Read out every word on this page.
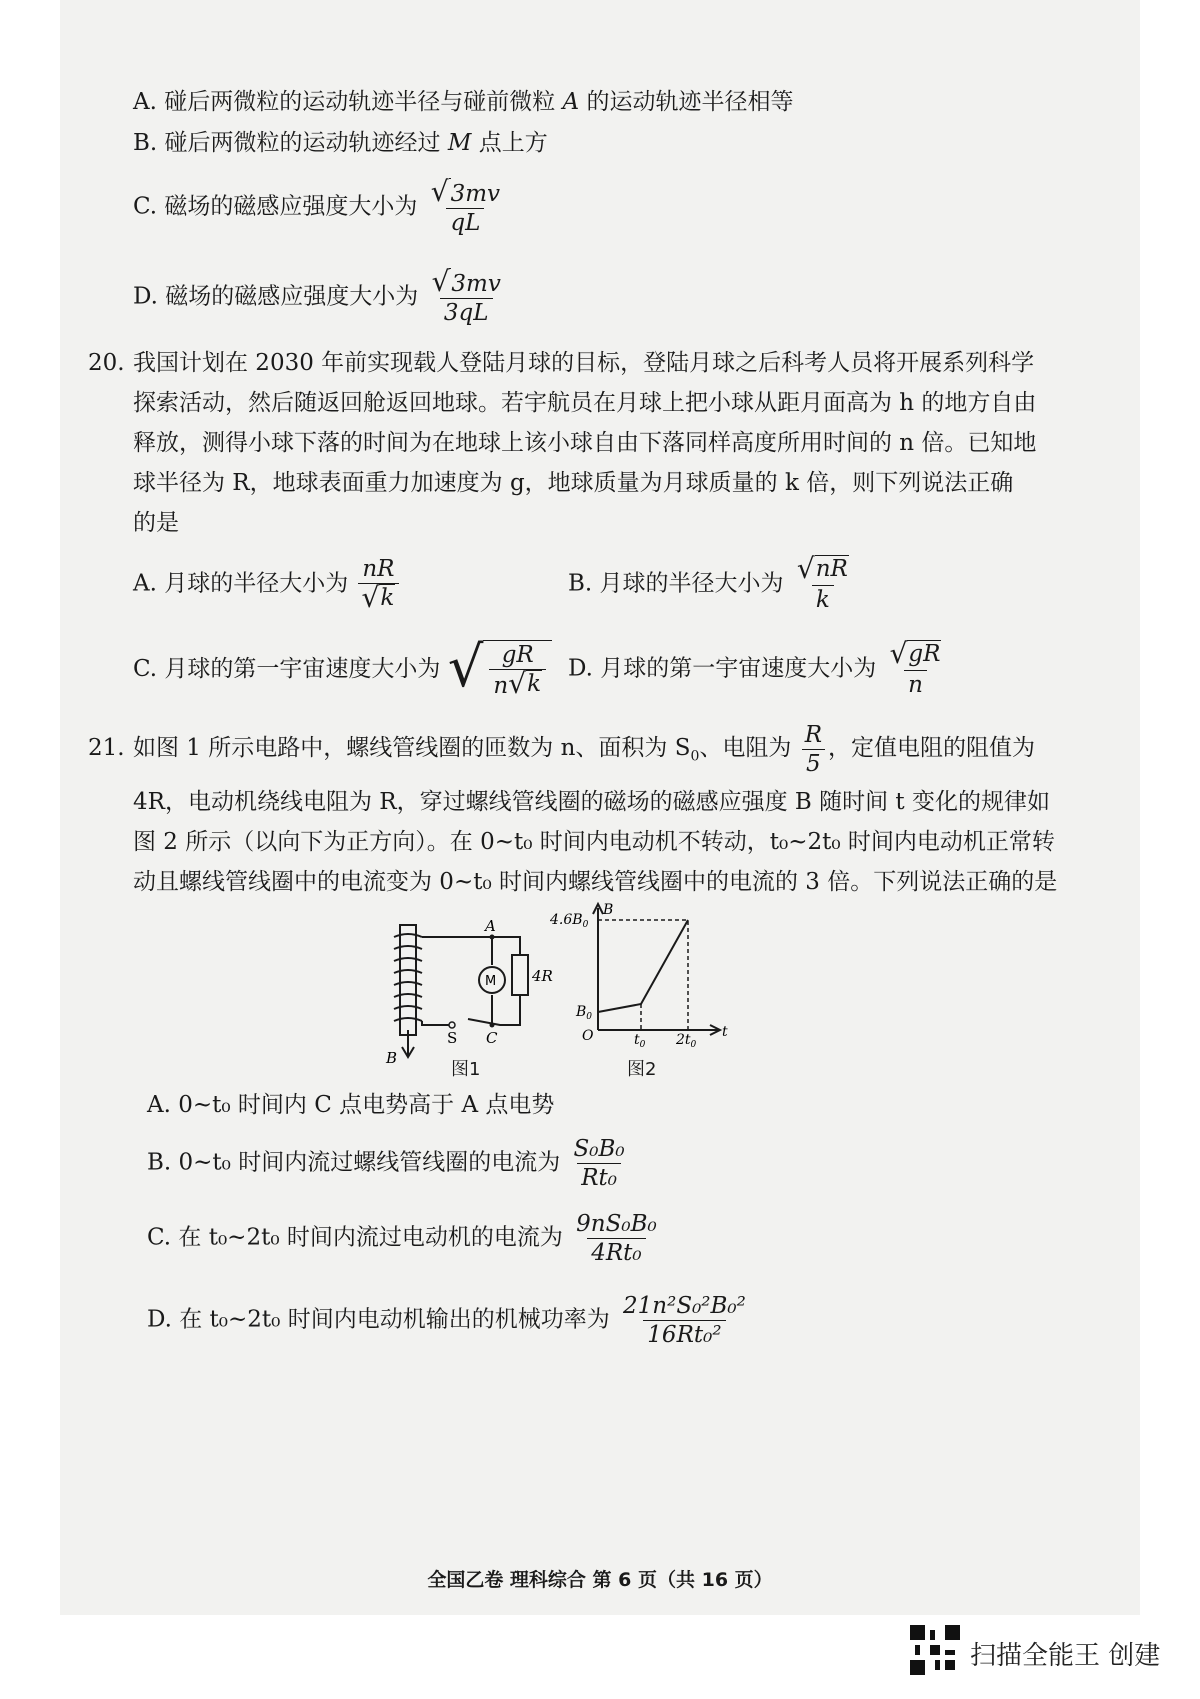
A. 碰后两微粒的运动轨迹半径与碰前微粒 A 的运动轨迹半径相等
B. 碰后两微粒的运动轨迹经过 M 点上方
C. 磁场的磁感应强度大小为 $\frac{√ 3mv}{qL}$
D. 磁场的磁感应强度大小为 $\frac{√ 3mv}{3qL}$
20. 我国计划在 2030 年前实现载人登陆月球的目标，登陆月球之后科考人员将开展系列科学
探索活动，然后随返回舱返回地球。若宇航员在月球上把小球从距月面高为 h 的地方自由
释放，测得小球下落的时间为在地球上该小球自由下落同样高度所用时间的 n 倍。已知地
球半径为 R，地球表面重力加速度为 g，地球质量为月球质量的 k 倍，则下列说法正确
的是
A. 月球的半径大小为 $\frac{nR}{√ k}$	B. 月球的半径大小为 $\frac{√ nR}{k}$
C. 月球的第一宇宙速度大小为 √ $\frac{gR}{n √ k} D$. 月球的第一宇宙速度大小为 $\frac{√ gR}{n}$
21. 如图 1 所示电路中，螺线管线圈的匝数为 n、面积为 $S_0$、电阻为 $\frac{R}{5}$ ，定值电阻的阻值为
4R，电动机绕线电阻为 R，穿过螺线管线圈的磁场的磁感应强度 B 随时间 t 变化的规律如
图 2 所示（以向下为正方向）。在 0~t₀ 时间内电动机不转动，t₀~2t₀ 时间内电动机正常转
动且螺线管线圈中的电流变为 0~t₀ 时间内螺线管线圈中的电流的 3 倍。下列说法正确的是
A
C
S
B
M 4R
图1
$4.6B_0$
B
$B_0$
O	$t_0$ $2t_0$
t
图2
A. 0~t₀ 时间内 C 点电势高于 A 点电势
B. 0~t₀ 时间内流过螺线管线圈的电流为 $\frac{\text{S₀B₀}}{\text{Rt₀}}$
C. 在 t₀~2t₀ 时间内流过电动机的电流为 $\frac{\text{9nS₀B₀}}{\text{4Rt₀}}$
D. 在 t₀~2t₀ 时间内电动机输出的机械功率为 $\frac{\text{21n²S₀²B₀²}}{\text{16Rt₀²}}$
全国乙卷 理科综合 第 6 页（共 16 页）
扫描全能王 创建
